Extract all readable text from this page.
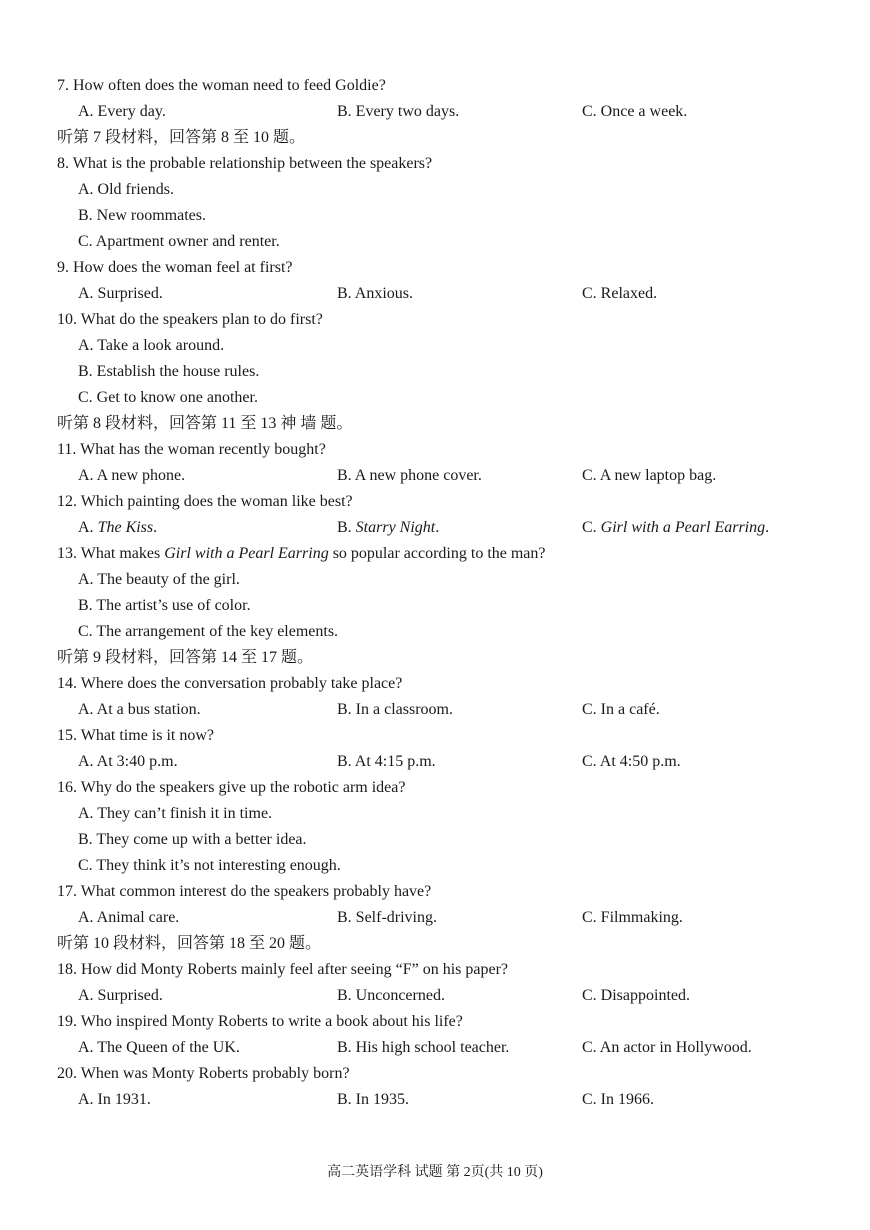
7. How often does the woman need to feed Goldie?
A. Every day.	B. Every two days.	C. Once a week.
听第 7 段材料，回答第 8 至 10 题。
8. What is the probable relationship between the speakers?
A. Old friends.
B. New roommates.
C. Apartment owner and renter.
9. How does the woman feel at first?
A. Surprised.	B. Anxious.	C. Relaxed.
10. What do the speakers plan to do first?
A. Take a look around.
B. Establish the house rules.
C. Get to know one another.
听第 8 段材料，回答第 11 至 13 神 墙 题。
11. What has the woman recently bought?
A. A new phone.	B. A new phone cover.	C. A new laptop bag.
12. Which painting does the woman like best?
A. The Kiss.	B. Starry Night.	C. Girl with a Pearl Earring.
13. What makes Girl with a Pearl Earring so popular according to the man?
A. The beauty of the girl.
B. The artist’s use of color.
C. The arrangement of the key elements.
听第 9 段材料，回答第 14 至 17 题。
14. Where does the conversation probably take place?
A. At a bus station.	B. In a classroom.	C. In a café.
15. What time is it now?
A. At 3:40 p.m.	B. At 4:15 p.m.	C. At 4:50 p.m.
16. Why do the speakers give up the robotic arm idea?
A. They can’t finish it in time.
B. They come up with a better idea.
C. They think it’s not interesting enough.
17. What common interest do the speakers probably have?
A. Animal care.	B. Self-driving.	C. Filmmaking.
听第 10 段材料，回答第 18 至 20 题。
18. How did Monty Roberts mainly feel after seeing “F” on his paper?
A. Surprised.	B. Unconcerned.	C. Disappointed.
19. Who inspired Monty Roberts to write a book about his life?
A. The Queen of the UK.	B. His high school teacher.	C. An actor in Hollywood.
20. When was Monty Roberts probably born?
A. In 1931.	B. In 1935.	C. In 1966.
高二英语学科 试题 第 2页(共 10 页)
